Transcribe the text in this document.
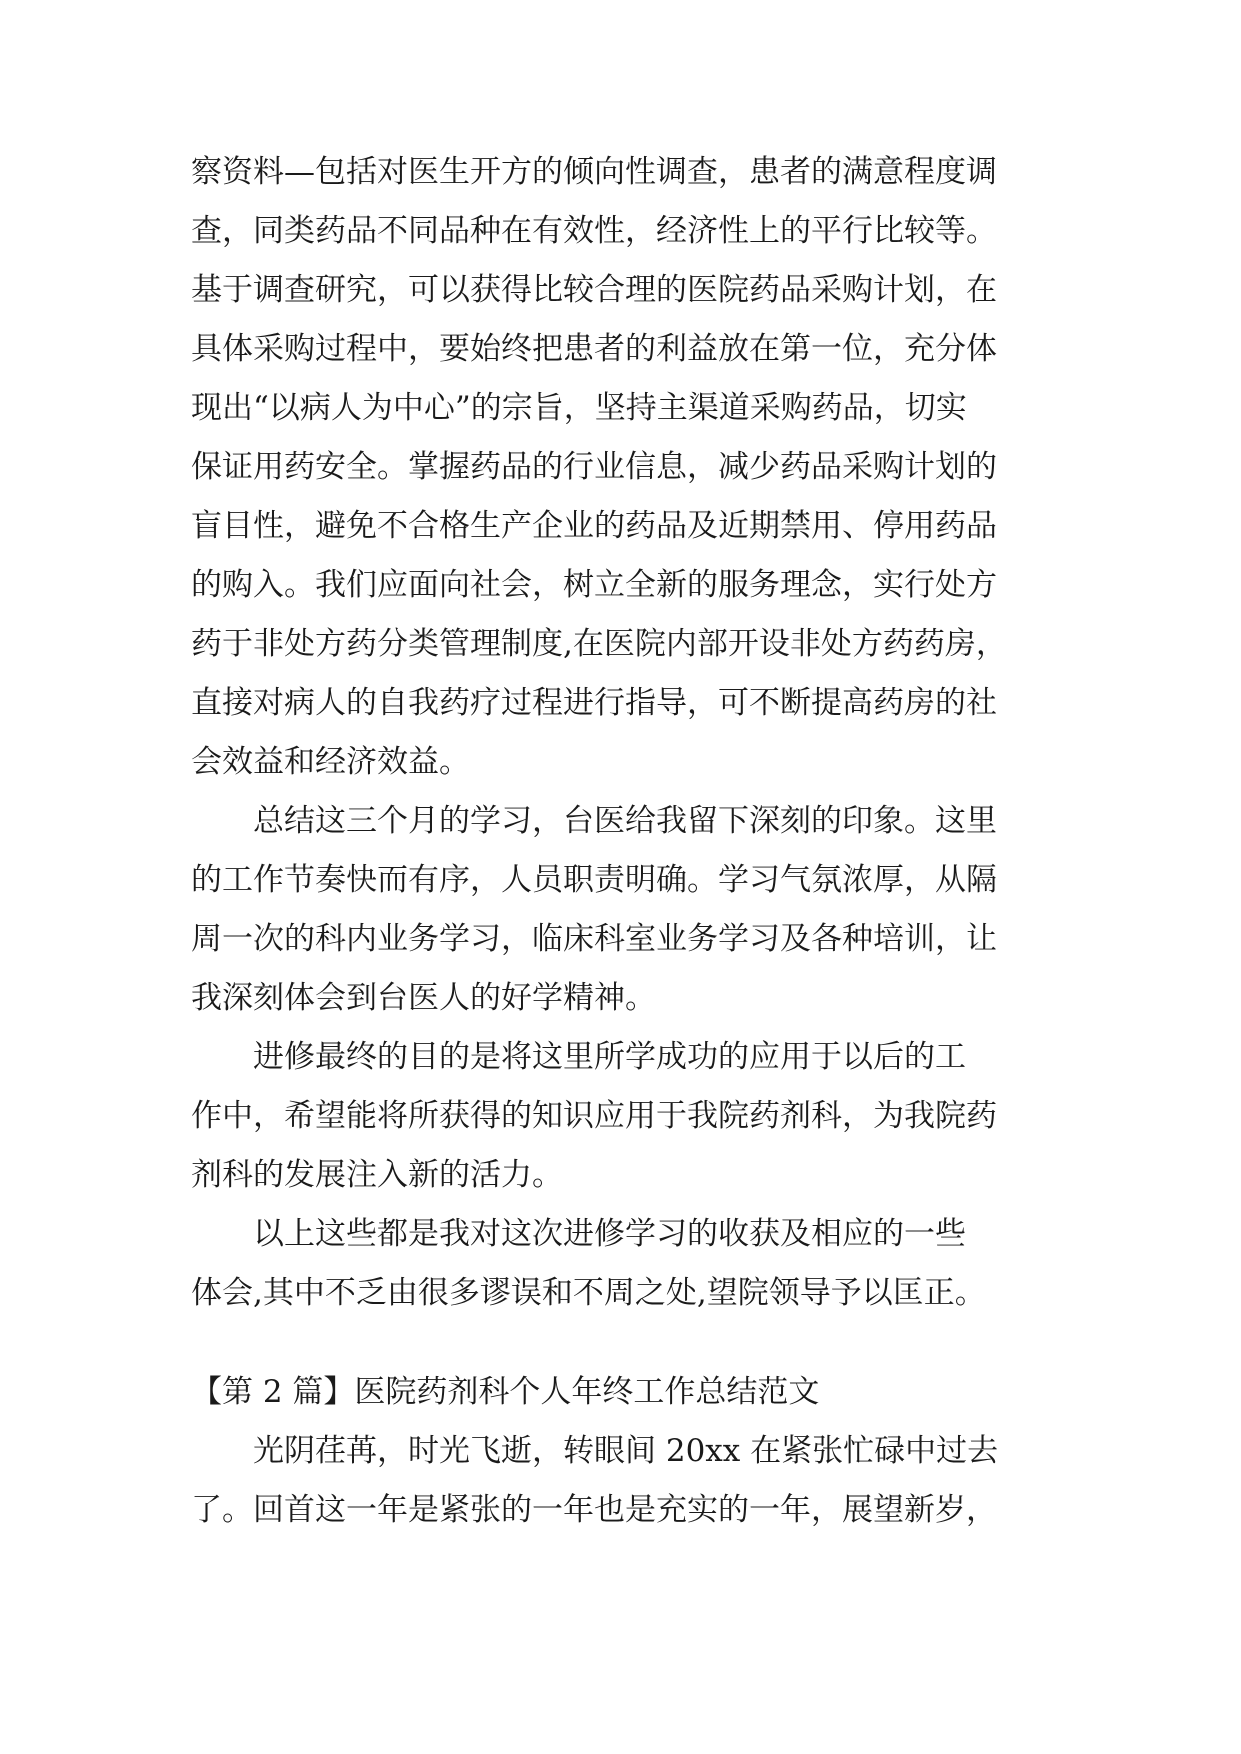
察资料—包括对医生开方的倾向性调查，患者的满意程度调
查，同类药品不同品种在有效性，经济性上的平行比较等。
基于调查研究，可以获得比较合理的医院药品采购计划，在
具体采购过程中，要始终把患者的利益放在第一位，充分体
现出“以病人为中心”的宗旨，坚持主渠道采购药品，切实
保证用药安全。掌握药品的行业信息，减少药品采购计划的
盲目性，避免不合格生产企业的药品及近期禁用、停用药品
的购入。我们应面向社会，树立全新的服务理念，实行处方
药于非处方药分类管理制度,在医院内部开设非处方药药房，
直接对病人的自我药疗过程进行指导，可不断提高药房的社
会效益和经济效益。
　　总结这三个月的学习，台医给我留下深刻的印象。这里
的工作节奏快而有序，人员职责明确。学习气氛浓厚，从隔
周一次的科内业务学习，临床科室业务学习及各种培训，让
我深刻体会到台医人的好学精神。
　　进修最终的目的是将这里所学成功的应用于以后的工
作中，希望能将所获得的知识应用于我院药剂科，为我院药
剂科的发展注入新的活力。
　　以上这些都是我对这次进修学习的收获及相应的一些
体会,其中不乏由很多谬误和不周之处,望院领导予以匡正。
【第 2 篇】医院药剂科个人年终工作总结范文
　　光阴荏苒，时光飞逝，转眼间 20xx 在紧张忙碌中过去
了。回首这一年是紧张的一年也是充实的一年，展望新岁，
